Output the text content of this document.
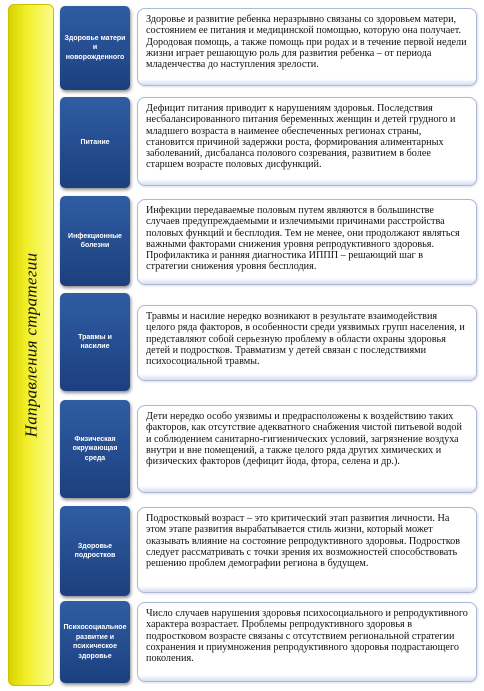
Направления стратегии
Здоровье матери и
новорожденного

Здоровье и развитие ребенка неразрывно связаны со здоровьем матери, состоянием ее питания и медицинской помощью, которую она получает. Дородовая помощь, а также помощь при родах и в течение первой недели жизни играет решающую роль для развития ребенка – от периода младенчества до наступления зрелости.

Питание

Дефицит питания приводит к нарушениям здоровья. Последствия несбалансированного питания беременных женщин и детей грудного и младшего возраста в наименее обеспеченных регионах страны, становится причиной задержки роста, формирования алиментарных заболеваний, дисбаланса полового созревания, развитием в более старшем возрасте половых дисфункций.

Инфекционные
болезни

Инфекции передаваемые половым путем являются в большинстве случаев предупреждаемыми и излечимыми причинами расстройства половых функций и бесплодия. Тем не менее, они продолжают являться важными факторами снижения уровня репродуктивного здоровья. Профилактика и ранняя диагностика ИППП – решающий шаг в стратегии снижения уровня бесплодия.

Травмы и насилие

Травмы и насилие нередко возникают в результате взаимодействия целого ряда факторов, в особенности среди уязвимых групп населения, и представляют собой серьезную проблему в области охраны здоровья детей и подростков. Травматизм у детей связан с последствиями психосоциальной травмы.

Физическая
окружающая среда

Дети нередко особо уязвимы и предрасположены к воздействию таких факторов, как отсутствие адекватного снабжения чистой питьевой водой и соблюдением санитарно-гигиенических условий, загрязнение воздуха внутри и вне помещений, а также целого ряда других химических и физических факторов (дефицит йода, фтора, селена и др.).

Здоровье
подростков

Подростковый возраст – это критический этап развития личности. На этом этапе развития вырабатывается стиль жизни, который может оказывать влияние на состояние репродуктивного здоровья. Подростков следует рассматривать с точки зрения их возможностей способствовать решению проблем демографии региона в будущем.

Психосоциальное
развитие и
психическое
здоровье

Число случаев нарушения здоровья психосоциального и репродуктивного характера возрастает. Проблемы репродуктивного здоровья в подростковом возрасте связаны с отсутствием региональной стратегии сохранения и приумножения репродуктивного здоровья подрастающего поколения.
